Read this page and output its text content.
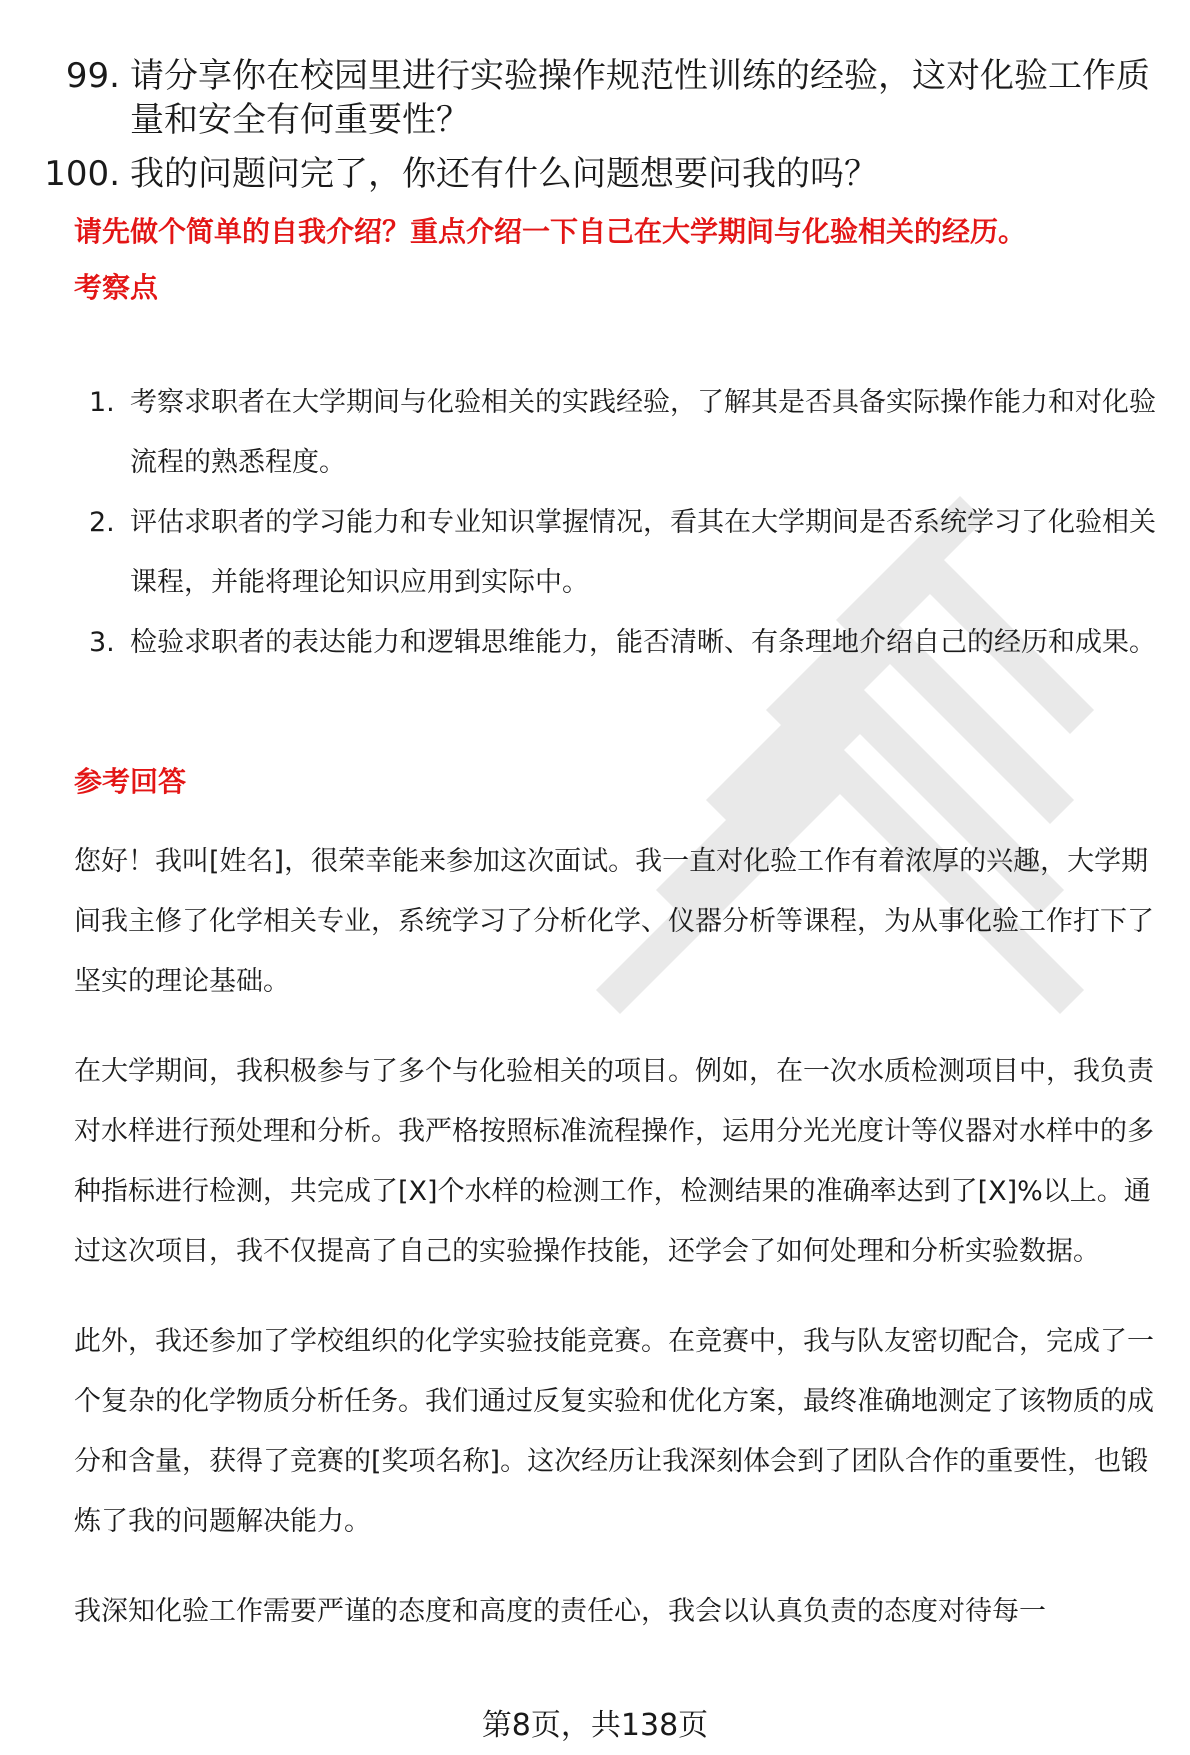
99. 请分享你在校园里进行实验操作规范性训练的经验，这对化验工作质量和安全有何重要性？
100. 我的问题问完了，你还有什么问题想要问我的吗？
请先做个简单的自我介绍？重点介绍一下自己在大学期间与化验相关的经历。
考察点
1. 考察求职者在大学期间与化验相关的实践经验，了解其是否具备实际操作能力和对化验流程的熟悉程度。
2. 评估求职者的学习能力和专业知识掌握情况，看其在大学期间是否系统学习了化验相关课程，并能将理论知识应用到实际中。
3. 检验求职者的表达能力和逻辑思维能力，能否清晰、有条理地介绍自己的经历和成果。
参考回答

您好！我叫[姓名]，很荣幸能来参加这次面试。我一直对化验工作有着浓厚的兴趣，大学期间我主修了化学相关专业，系统学习了分析化学、仪器分析等课程，为从事化验工作打下了坚实的理论基础。

在大学期间，我积极参与了多个与化验相关的项目。例如，在一次水质检测项目中，我负责对水样进行预处理和分析。我严格按照标准流程操作，运用分光光度计等仪器对水样中的多种指标进行检测，共完成了[X]个水样的检测工作，检测结果的准确率达到了[X]%以上。通过这次项目，我不仅提高了自己的实验操作技能，还学会了如何处理和分析实验数据。

此外，我还参加了学校组织的化学实验技能竞赛。在竞赛中，我与队友密切配合，完成了一个复杂的化学物质分析任务。我们通过反复实验和优化方案，最终准确地测定了该物质的成分和含量，获得了竞赛的[奖项名称]。这次经历让我深刻体会到了团队合作的重要性，也锻炼了我的问题解决能力。

我深知化验工作需要严谨的态度和高度的责任心，我会以认真负责的态度对待每一

第8页，共138页
